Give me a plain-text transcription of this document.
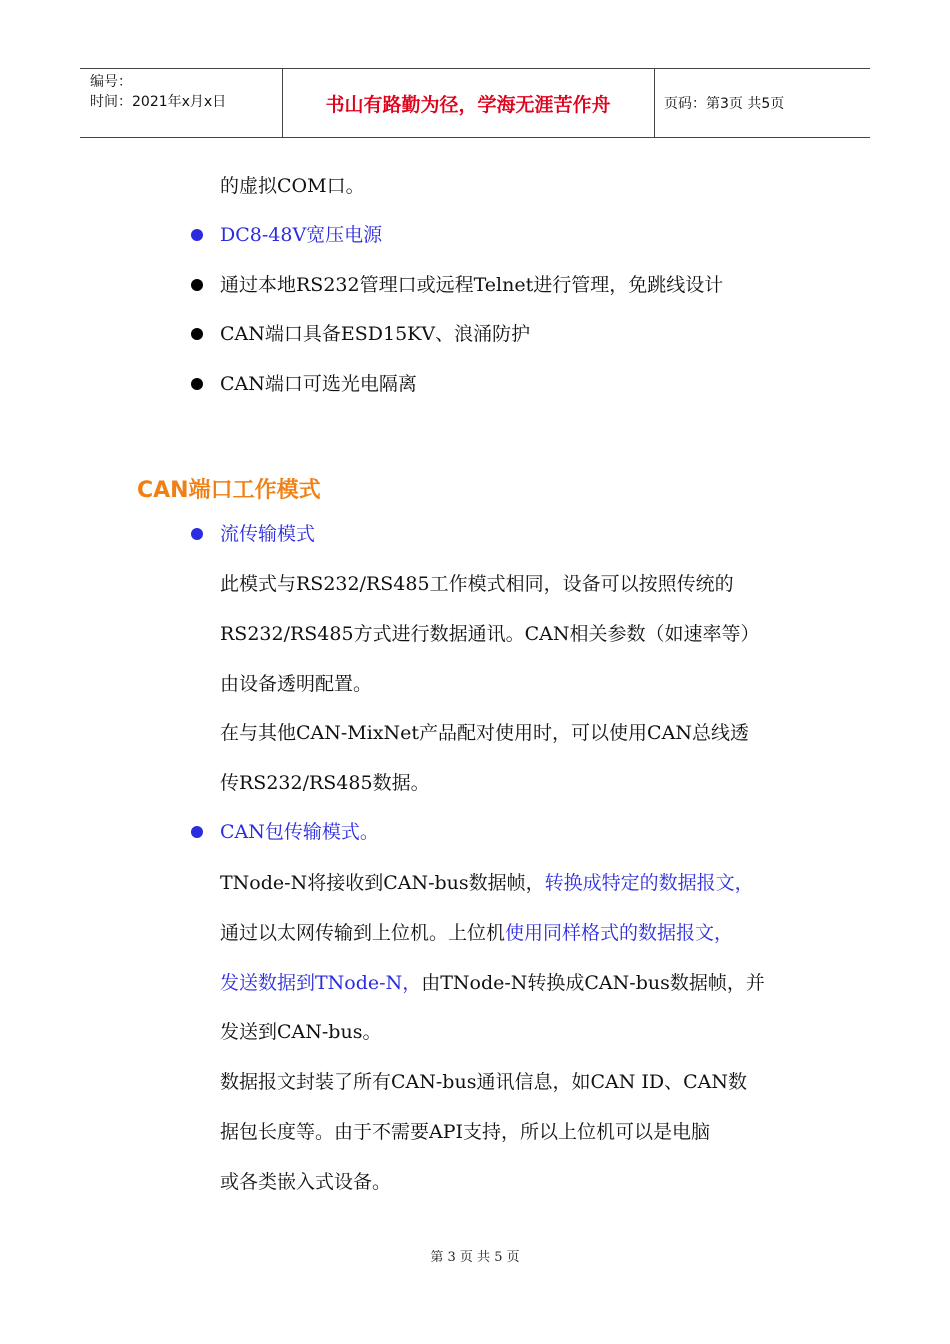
编号：
时间：2021年x月x日	书山有路勤为径，学海无涯苦作舟	页码：第3页 共5页
的虚拟COM口。
DC8-48V宽压电源
通过本地RS232管理口或远程Telnet进行管理，免跳线设计
CAN端口具备ESD15KV、浪涌防护
CAN端口可选光电隔离
CAN端口工作模式
流传输模式
此模式与RS232/RS485工作模式相同，设备可以按照传统的
RS232/RS485方式进行数据通讯。CAN相关参数（如速率等）
由设备透明配置。
在与其他CAN-MixNet产品配对使用时，可以使用CAN总线透
传RS232/RS485数据。
CAN包传输模式。
TNode-N将接收到CAN-bus数据帧，转换成特定的数据报文，
通过以太网传输到上位机。上位机使用同样格式的数据报文，
发送数据到TNode-N，由TNode-N转换成CAN-bus数据帧，并
发送到CAN-bus。
数据报文封装了所有CAN-bus通讯信息，如CAN ID、CAN数
据包长度等。由于不需要API支持，所以上位机可以是电脑
或各类嵌入式设备。
第 3 页 共 5 页
